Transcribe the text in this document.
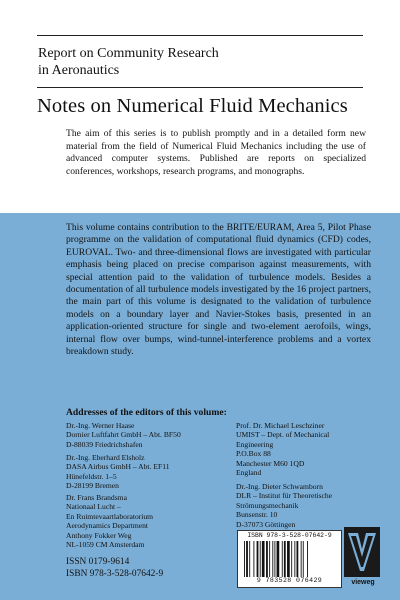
Report on Community Research
in Aeronautics
Notes on Numerical Fluid Mechanics
The aim of this series is to publish promptly and in a detailed form new material from the field of Numerical Fluid Mechanics including the use of advanced computer systems. Published are reports on specialized conferences, workshops, research programs, and monographs.
This volume contains contribution to the BRITE/EURAM, Area 5, Pilot Phase programme on the validation of computational fluid dynamics (CFD) codes, EUROVAL. Two- and three-dimensional flows are investigated with particular emphasis being placed on precise comparison against measurements, with special attention paid to the validation of turbulence models. Besides a documentation of all turbulence models investigated by the 16 project partners, the main part of this volume is designated to the validation of turbulence models on a boundary layer and Navier-Stokes basis, presented in an application-oriented structure for single and two-element aerofoils, wings, internal flow over bumps, wind-tunnel-interference problems and a vortex breakdown study.
Addresses of the editors of this volume:
Dr.-Ing. Werner Haase
Dornier Luftfahrt GmbH – Abt. BF50
D-88039 Friedrichshafen
Dr.-Ing. Eberhard Elsholz
DASA Airbus GmbH – Abt. EF11
Hünefeldstr. 1–5
D-28199 Bremen
Dr. Frans Brandsma
Nationaal Lucht –
En Ruimtevaartlaboratorium
Aerodynamics Department
Anthony Fokker Weg
NL-1059 CM Amsterdam
Prof. Dr. Michael Leschziner
UMIST – Dept. of Mechanical
Engineering
P.O.Box 88
Manchester M60 1QD
England
Dr.-Ing. Dieter Schwamborn
DLR – Institut für Theoretische
Strömungsmechanik
Bunsenstr. 10
D-37073 Göttingen
ISSN 0179-9614
ISBN 978-3-528-07642-9
ISBN 978-3-528-07642-9
9 783528 076429	vieweg
